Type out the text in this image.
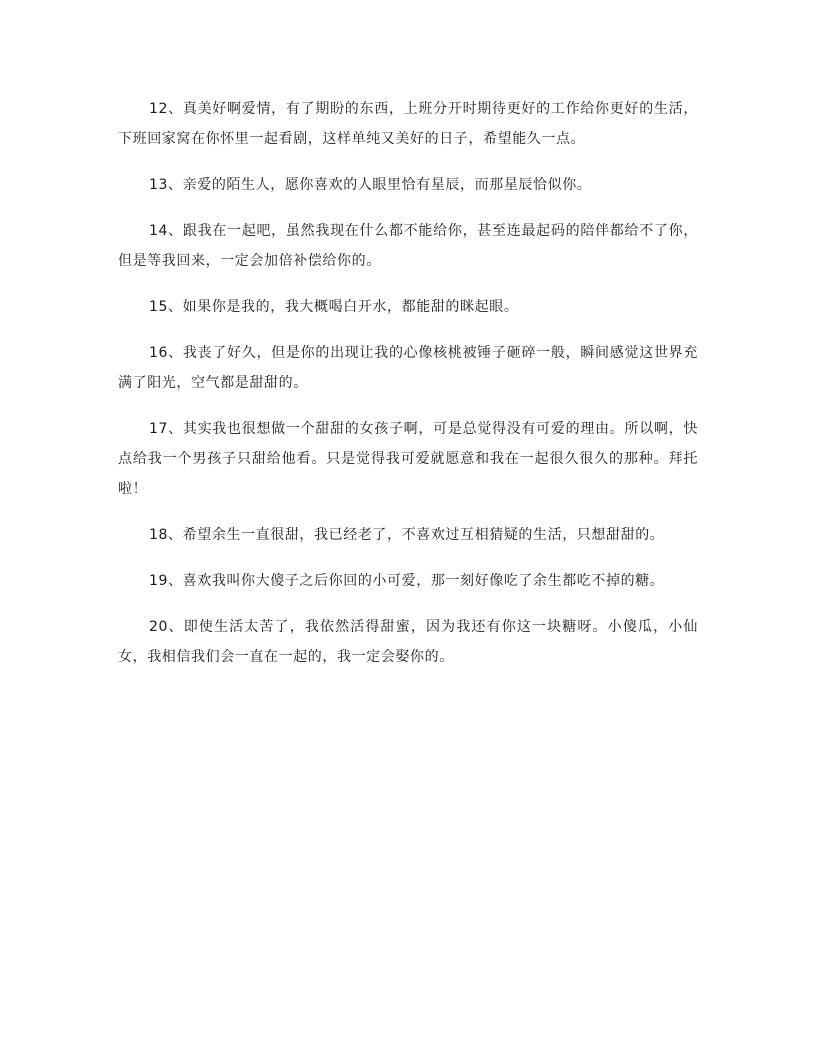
12、真美好啊爱情，有了期盼的东西，上班分开时期待更好的工作给你更好的生活，下班回家窝在你怀里一起看剧，这样单纯又美好的日子，希望能久一点。

13、亲爱的陌生人，愿你喜欢的人眼里恰有星辰，而那星辰恰似你。

14、跟我在一起吧，虽然我现在什么都不能给你，甚至连最起码的陪伴都给不了你，但是等我回来，一定会加倍补偿给你的。

15、如果你是我的，我大概喝白开水，都能甜的眯起眼。

16、我丧了好久，但是你的出现让我的心像核桃被锤子砸碎一般，瞬间感觉这世界充满了阳光，空气都是甜甜的。

17、其实我也很想做一个甜甜的女孩子啊，可是总觉得没有可爱的理由。所以啊，快点给我一个男孩子只甜给他看。只是觉得我可爱就愿意和我在一起很久很久的那种。拜托啦！

18、希望余生一直很甜，我已经老了，不喜欢过互相猜疑的生活，只想甜甜的。

19、喜欢我叫你大傻子之后你回的小可爱，那一刻好像吃了余生都吃不掉的糖。

20、即使生活太苦了，我依然活得甜蜜，因为我还有你这一块糖呀。小傻瓜，小仙女，我相信我们会一直在一起的，我一定会娶你的。
